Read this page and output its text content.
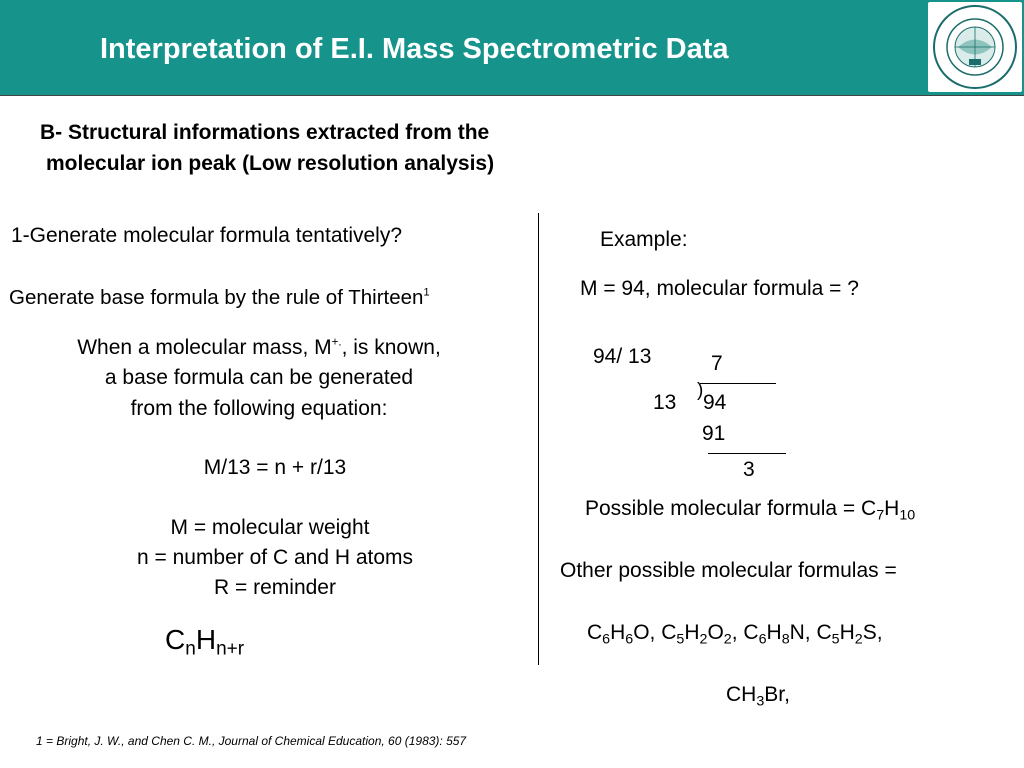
Interpretation of E.I. Mass Spectrometric Data
B- Structural informations extracted from the
molecular ion peak (Low resolution analysis)
1-Generate molecular formula tentatively?
Generate base formula by the rule of Thirteen$^1$
When a molecular mass, M+., is known,
a base formula can be generated
from the following equation:
M/13 = n + r/13
M = molecular weight
n = number of C and H atoms
R = reminder
$C_nH_{n+r}$
Example:
M = 94, molecular formula = ?
94/ 13	7
)
13 94
91
3
Possible molecular formula = $C_7H_{10}$
Other possible molecular formulas =
$C_6H_6O$, $C_5H_2O_2$, $C_6H_8N$, $C_5H_2S$,
$CH_3Br$,
1 = Bright, J. W., and Chen C. M., Journal of Chemical Education, 60 (1983): 557
